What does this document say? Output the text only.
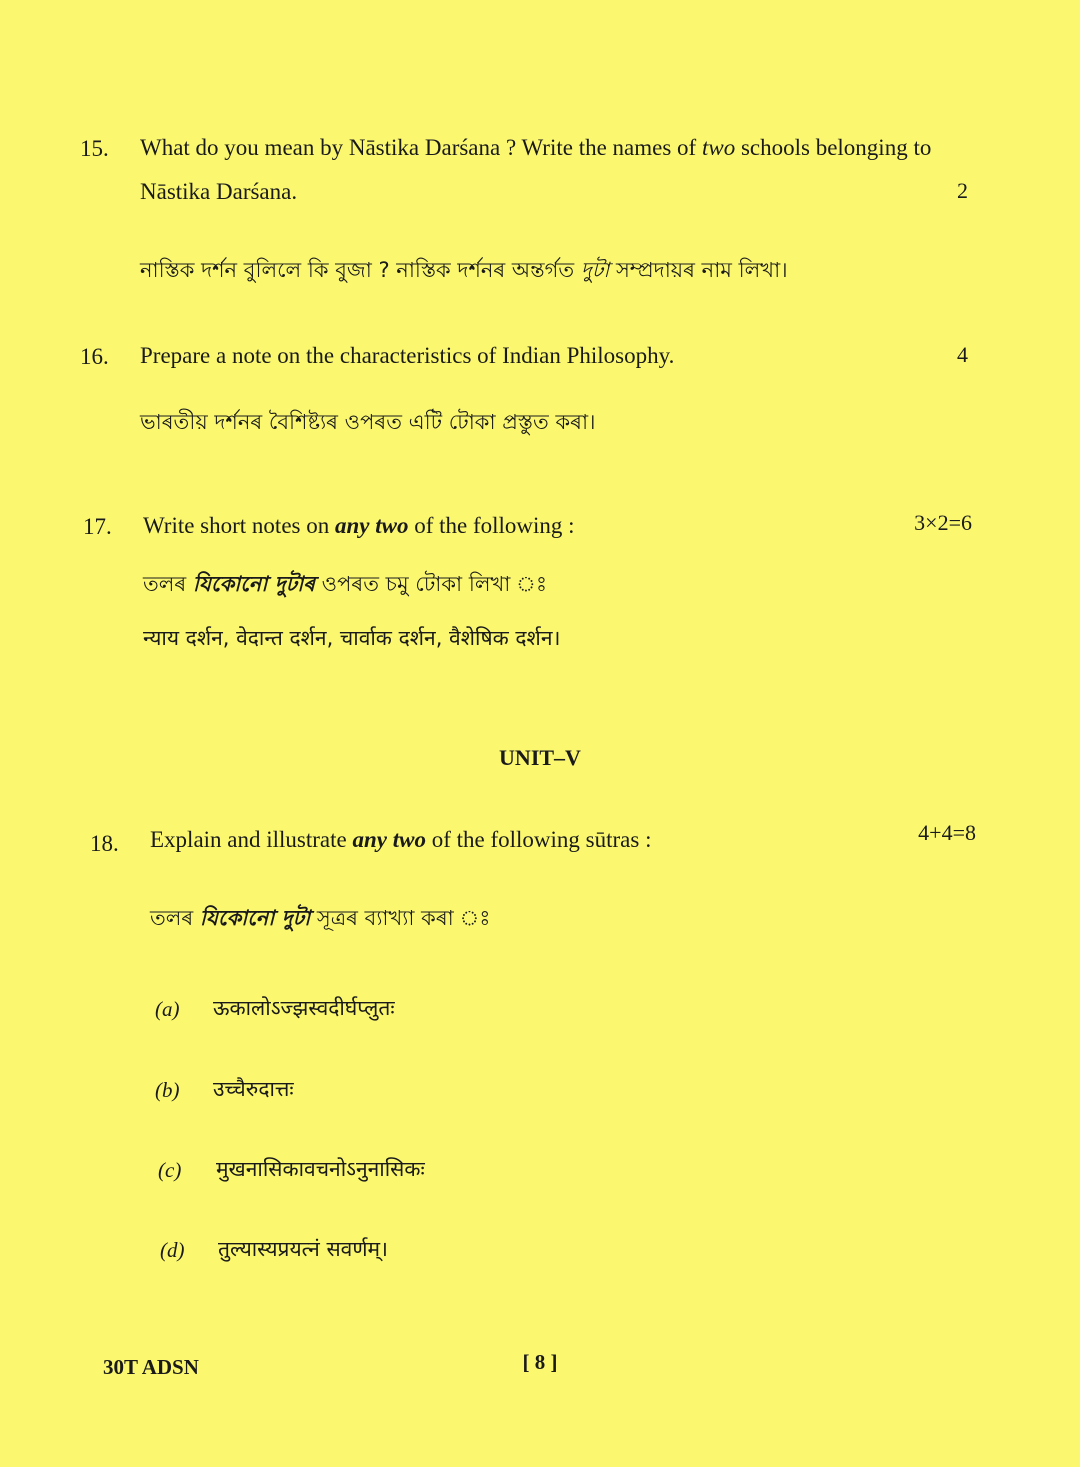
15. What do you mean by Nāstika Darśana ? Write the names of two schools belonging to Nāstika Darśana.	2
নাস্তিক দৰ্শন বুলিলে কি বুজা ? নাস্তিক দৰ্শনৰ অন্তৰ্গত দুটা সম্প্ৰদায়ৰ নাম লিখা।
16. Prepare a note on the characteristics of Indian Philosophy.	4
ভাৰতীয় দৰ্শনৰ বৈশিষ্ট্যৰ ওপৰত এটি টোকা প্ৰস্তুত কৰা।
17. Write short notes on any two of the following :	3×2=6
তলৰ যিকোনো দুটাৰ ওপৰত চমু টোকা লিখা ঃ
न्याय दर्शन, वेदान्त दर्शन, चार्वाक दर्शन, वैशेषिक दर्शन।
UNIT–V
18. Explain and illustrate any two of the following sūtras :	4+4=8
তলৰ যিকোনো দুটা সূত্ৰৰ ব্যাখ্যা কৰা ঃ
(a) ऊकालोऽज्झस्वदीर्घप्लुतः
(b) उच्चैरुदात्तः
(c) मुखनासिकावचनोऽनुनासिकः
(d) तुल्यास्यप्रयत्नं सवर्णम्।
30T ADSN	[ 8 ]
